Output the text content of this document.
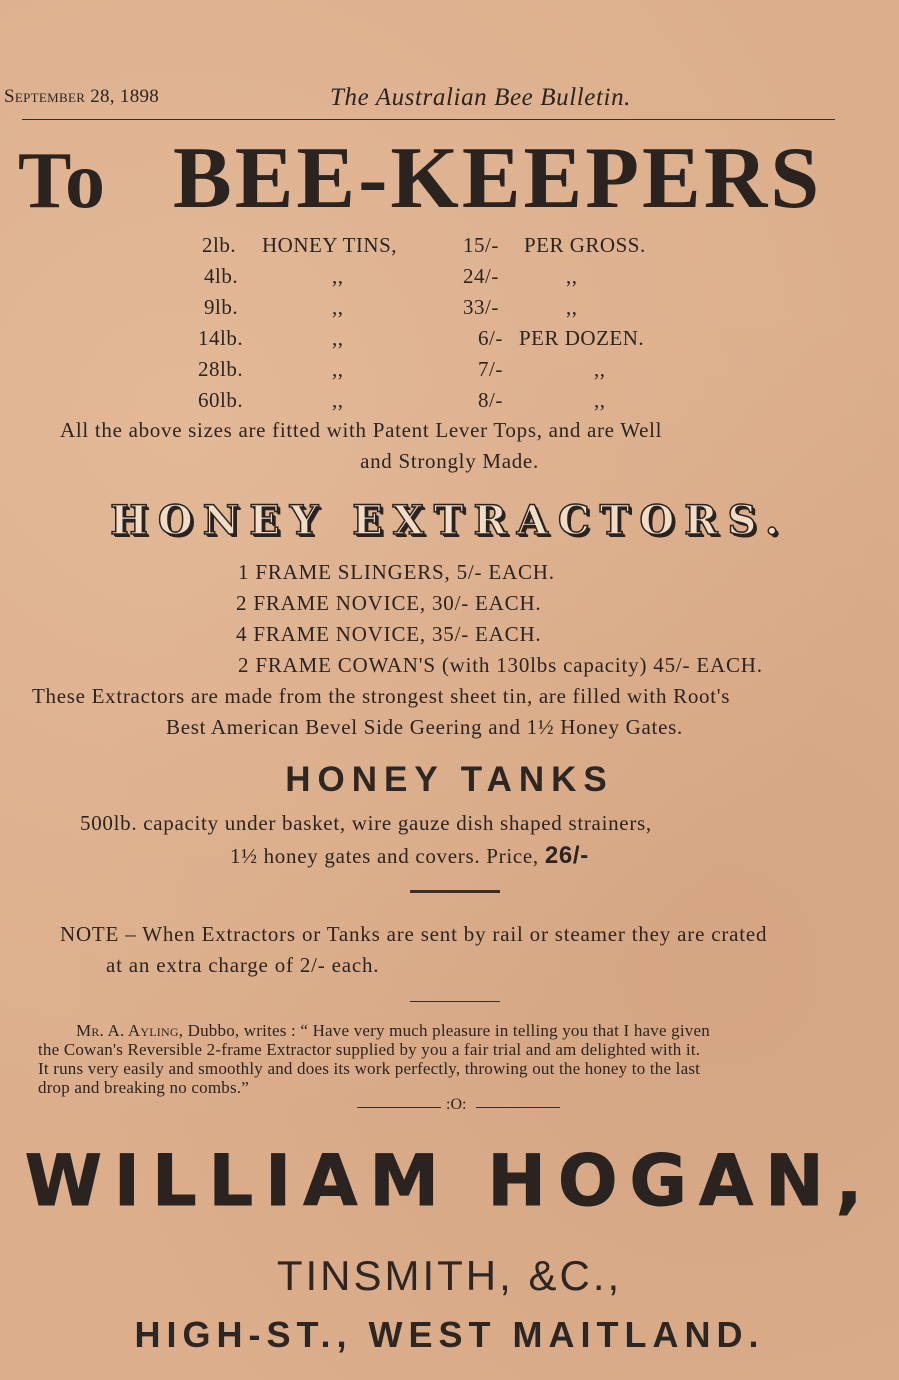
September 28, 1898	The Australian Bee Bulletin.
To BEE-KEEPERS
2lb. HONEY TINS,	15/- PER GROSS.
4lb.	,,	24/-	,,
9lb.	,,	33/-	,,
14lb.	,,	6/- PER DOZEN.
28lb.	,,	7/-	,,
60lb.	,,	8/-	,,
All the above sizes are fitted with Patent Lever Tops, and are Well
and Strongly Made.
HONEY EXTRACTORS.
1 FRAME SLINGERS, 5/- EACH.
2 FRAME NOVICE, 30/- EACH.
4 FRAME NOVICE, 35/- EACH.
2 FRAME COWAN'S (with 130lbs capacity) 45/- EACH.
These Extractors are made from the strongest sheet tin, are filled with Root's
Best American Bevel Side Geering and 1½ Honey Gates.
HONEY TANKS
500lb. capacity under basket, wire gauze dish shaped strainers,
1½ honey gates and covers. Price, 26/-
NOTE – When Extractors or Tanks are sent by rail or steamer they are crated
at an extra charge of 2/- each.
Mr. A. Ayling, Dubbo, writes : “ Have very much pleasure in telling you that I have given
the Cowan's Reversible 2-frame Extractor supplied by you a fair trial and am delighted with it.
It runs very easily and smoothly and does its work perfectly, throwing out the honey to the last
drop and breaking no combs.”
:O:
WILLIAM HOGAN,
TINSMITH, &C.,
HIGH-ST., WEST MAITLAND.
